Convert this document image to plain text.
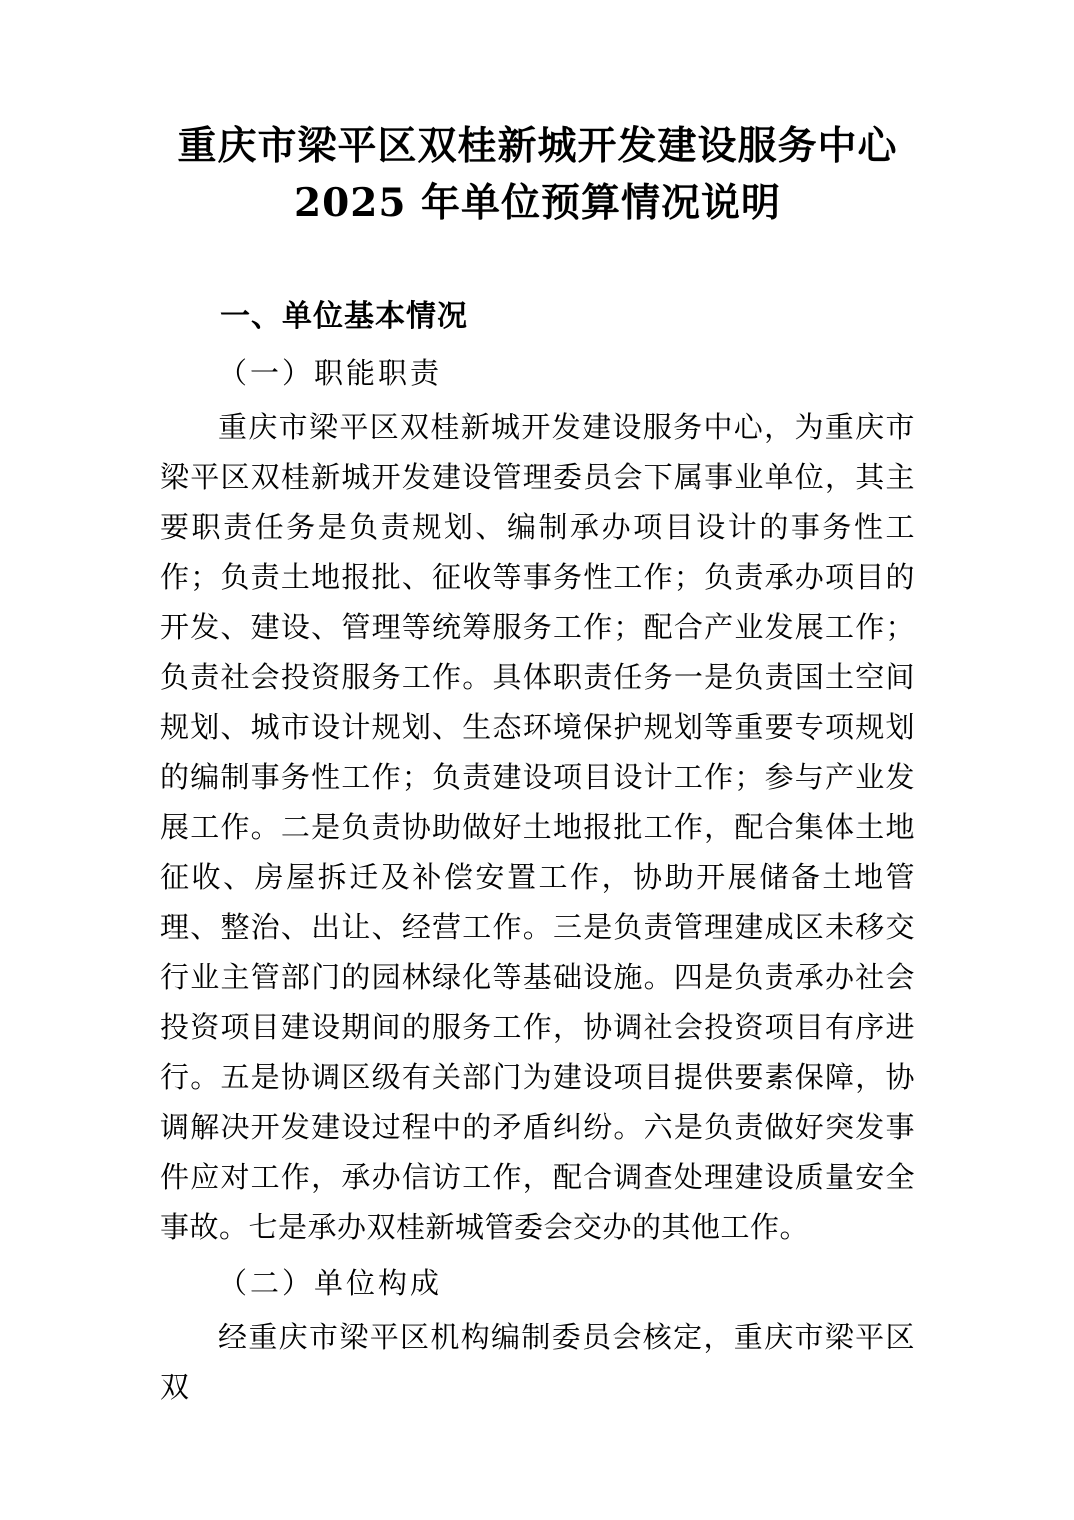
重庆市梁平区双桂新城开发建设服务中心
2025 年单位预算情况说明
一、单位基本情况
（一）职能职责

重庆市梁平区双桂新城开发建设服务中心，为重庆市梁平区双桂新城开发建设管理委员会下属事业单位，其主要职责任务是负责规划、编制承办项目设计的事务性工作；负责土地报批、征收等事务性工作；负责承办项目的开发、建设、管理等统筹服务工作；配合产业发展工作；负责社会投资服务工作。具体职责任务一是负责国土空间规划、城市设计规划、生态环境保护规划等重要专项规划的编制事务性工作；负责建设项目设计工作；参与产业发展工作。二是负责协助做好土地报批工作，配合集体土地征收、房屋拆迁及补偿安置工作，协助开展储备土地管理、整治、出让、经营工作。三是负责管理建成区未移交行业主管部门的园林绿化等基础设施。四是负责承办社会投资项目建设期间的服务工作，协调社会投资项目有序进行。五是协调区级有关部门为建设项目提供要素保障，协调解决开发建设过程中的矛盾纠纷。六是负责做好突发事件应对工作，承办信访工作，配合调查处理建设质量安全事故。七是承办双桂新城管委会交办的其他工作。

（二）单位构成

经重庆市梁平区机构编制委员会核定，重庆市梁平区双
